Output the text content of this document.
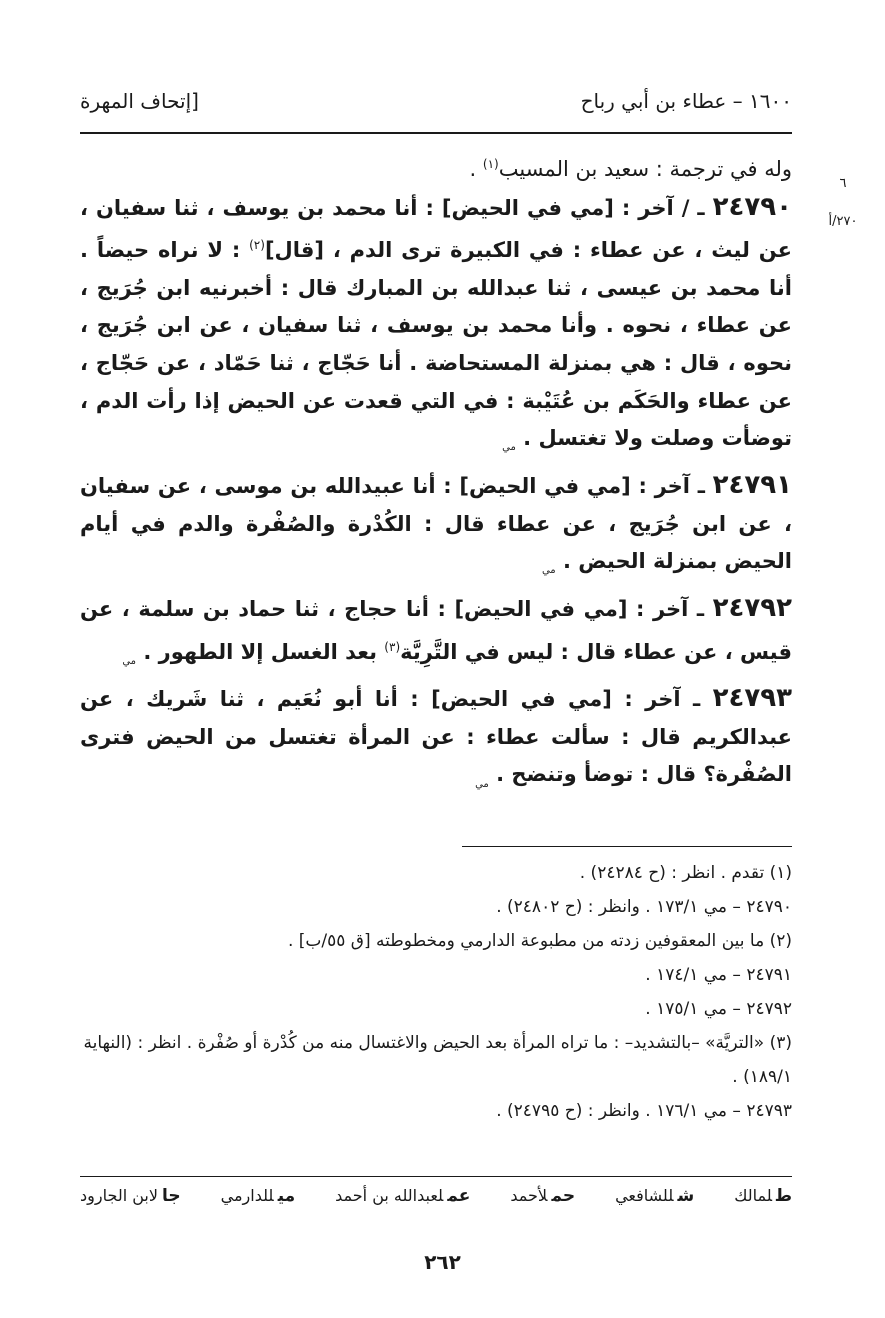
١٦٠٠ – عطاء بن أبي رباح
[إتحاف المهرة
٦
٢٧٠/أ

وله في ترجمة : سعيد بن المسيب$^{(١)}$ .

٢٤٧٩٠ ـ / آخر : [مي في الحيض] : أنا محمد بن يوسف ، ثنا سفيان ، عن ليث ، عن عطاء : في الكبيرة ترى الدم ، [قال]$^{(٢)}$ : لا نراه حيضاً . أنا محمد بن عيسى ، ثنا عبدالله بن المبارك قال : أخبرنيه ابن جُرَيج ، عن عطاء ، نحوه . وأنا محمد بن يوسف ، ثنا سفيان ، عن ابن جُرَيج ، نحوه ، قال : هي بمنزلة المستحاضة . أنا حَجّاج ، ثنا حَمّاد ، عن حَجّاج ، عن عطاء والحَكَم بن عُتَيْبة : في التي قعدت عن الحيض إذا رأت الدم ، توضأت وصلت ولا تغتسل . $_{مي}$

٢٤٧٩١ ـ آخر : [مي في الحيض] : أنا عبيدالله بن موسى ، عن سفيان ، عن ابن جُرَيج ، عن عطاء قال : الكُدْرة والصُفْرة والدم في أيام الحيض بمنزلة الحيض . $_{مي}$

٢٤٧٩٢ ـ آخر : [مي في الحيض] : أنا حجاج ، ثنا حماد بن سلمة ، عن قيس ، عن عطاء قال : ليس في التَّرِيَّة$^{(٣)}$ بعد الغسل إلا الطهور . $_{مي}$

٢٤٧٩٣ ـ آخر : [مي في الحيض] : أنا أبو نُعَيم ، ثنا شَريك ، عن عبدالكريم قال : سألت عطاء : عن المرأة تغتسل من الحيض فترى الصُفْرة؟ قال : توضأ وتنضح . $_{مي}$

(١) تقدم . انظر : (ح ٢٤٢٨٤) .

٢٤٧٩٠ – مي ١٧٣/١ . وانظر : (ح ٢٤٨٠٢) .

(٢) ما بين المعقوفين زدته من مطبوعة الدارمي ومخطوطته [ق ٥٥/ب] .

٢٤٧٩١ – مي ١٧٤/١ .

٢٤٧٩٢ – مي ١٧٥/١ .

(٣) «التريَّة» –بالتشديد– : ما تراه المرأة بعد الحيض والاغتسال منه من كُدْرة أو صُفْرة . انظر : (النهاية ١٨٩/١) .

٢٤٧٩٣ – مي ١٧٦/١ . وانظر : (ح ٢٤٧٩٥) .

طلمالك
شللشافعي
حملأحمد
عملعبدالله بن أحمد
ميللدارمي
جالابن الجارود
٢٦٢
